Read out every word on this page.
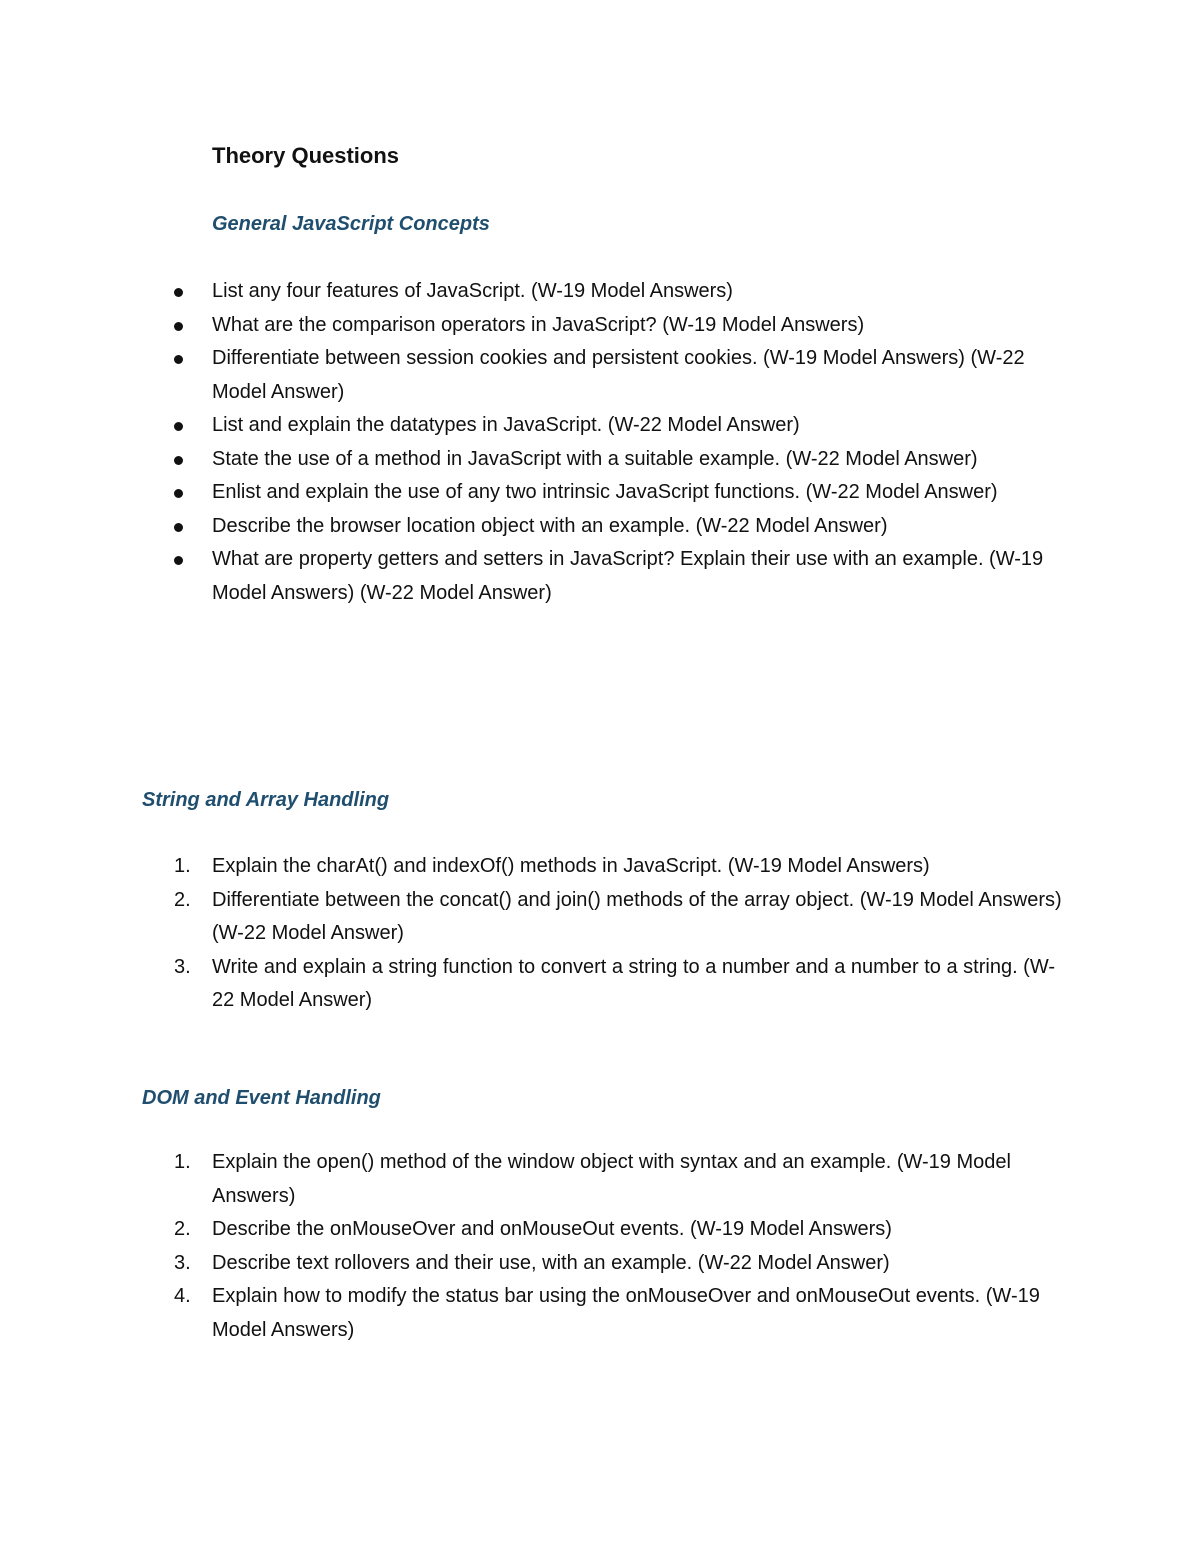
Theory Questions
General JavaScript Concepts
List any four features of JavaScript. (W-19 Model Answers)
What are the comparison operators in JavaScript? (W-19 Model Answers)
Differentiate between session cookies and persistent cookies. (W-19 Model Answers) (W-22 Model Answer)
List and explain the datatypes in JavaScript. (W-22 Model Answer)
State the use of a method in JavaScript with a suitable example. (W-22 Model Answer)
Enlist and explain the use of any two intrinsic JavaScript functions. (W-22 Model Answer)
Describe the browser location object with an example. (W-22 Model Answer)
What are property getters and setters in JavaScript? Explain their use with an example. (W-19 Model Answers) (W-22 Model Answer)
String and Array Handling
1.	Explain the charAt() and indexOf() methods in JavaScript. (W-19 Model Answers)
2.	Differentiate between the concat() and join() methods of the array object. (W-19 Model Answers) (W-22 Model Answer)
3.	Write and explain a string function to convert a string to a number and a number to a string. (W-22 Model Answer)
DOM and Event Handling
1.	Explain the open() method of the window object with syntax and an example. (W-19 Model Answers)
2.	Describe the onMouseOver and onMouseOut events. (W-19 Model Answers)
3.	Describe text rollovers and their use, with an example. (W-22 Model Answer)
4.	Explain how to modify the status bar using the onMouseOver and onMouseOut events. (W-19 Model Answers)
